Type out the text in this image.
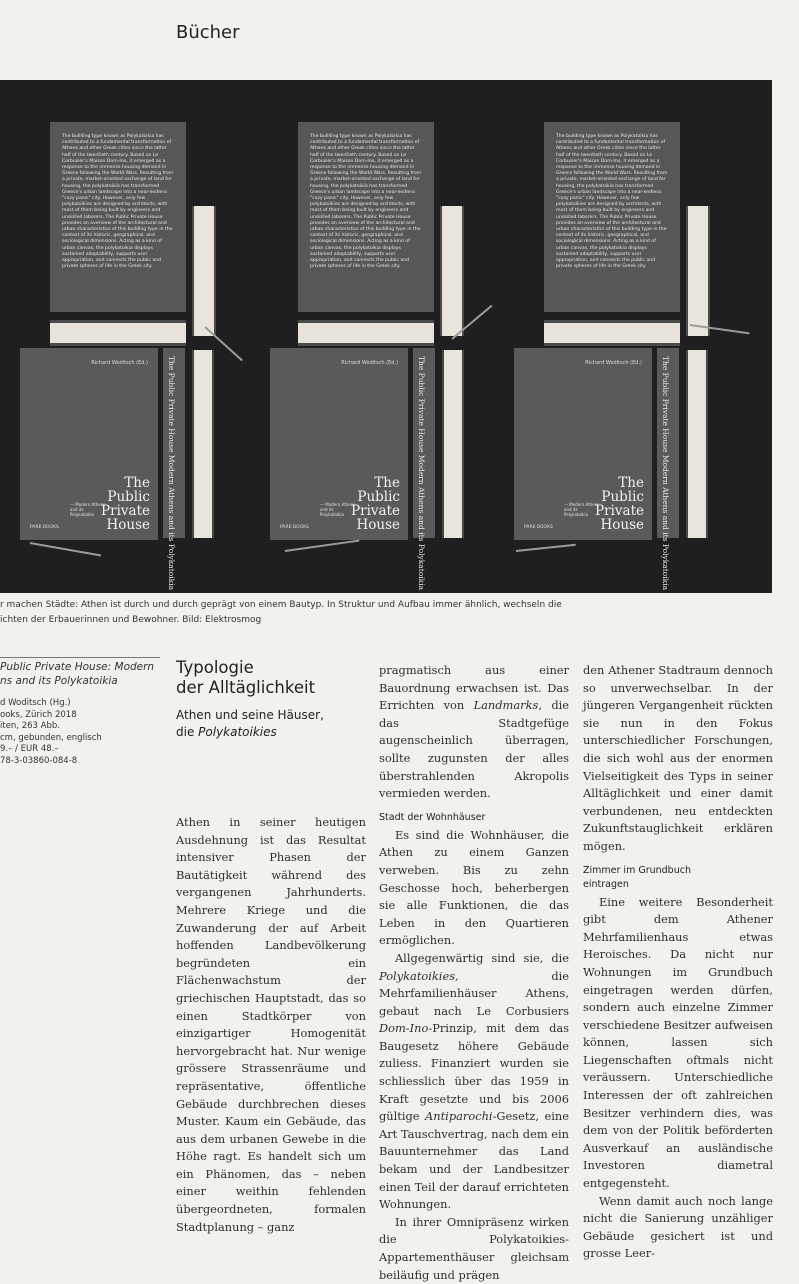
Bücher
The building type known as Polykatoikia has contributed to a fundamental transformation of Athens and other Greek cities since the latter half of the twentieth century. Based on Le Corbusier's Maison Dom-Ino, it emerged as a response to the immense housing demand in Greece following the World Wars. Resulting from a private, market-oriented exchange of land for housing, the polykatoikia has transformed Greece's urban landscape into a near-endless "cozy panic" city. However, only few polykatoikies are designed by architects, with most of them being built by engineers and unskilled laborers. The Public Private House provides an overview of the architectural and urban characteristics of this building type in the context of its historic, geographical, and sociological dimensions. Acting as a kind of urban canvas, the polykatoikia displays sustained adaptability, supports user appropriation, and connects the public and private spheres of life in the Greek city.
Richard Woditsch (Ed.)
— Modern Athens and its Polykatoikia
The
Public
Private
House
PARK BOOKS	The Public Private House Modern Athens and its Polykatoikia
The building type known as Polykatoikia has contributed to a fundamental transformation of Athens and other Greek cities since the latter half of the twentieth century. Based on Le Corbusier's Maison Dom-Ino, it emerged as a response to the immense housing demand in Greece following the World Wars. Resulting from a private, market-oriented exchange of land for housing, the polykatoikia has transformed Greece's urban landscape into a near-endless "cozy panic" city. However, only few polykatoikies are designed by architects, with most of them being built by engineers and unskilled laborers. The Public Private House provides an overview of the architectural and urban characteristics of this building type in the context of its historic, geographical, and sociological dimensions. Acting as a kind of urban canvas, the polykatoikia displays sustained adaptability, supports user appropriation, and connects the public and private spheres of life in the Greek city.
Richard Woditsch (Ed.)
— Modern Athens and its Polykatoikia
The
Public
Private
House
PARK BOOKS	The Public Private House Modern Athens and its Polykatoikia
The building type known as Polykatoikia has contributed to a fundamental transformation of Athens and other Greek cities since the latter half of the twentieth century. Based on Le Corbusier's Maison Dom-Ino, it emerged as a response to the immense housing demand in Greece following the World Wars. Resulting from a private, market-oriented exchange of land for housing, the polykatoikia has transformed Greece's urban landscape into a near-endless "cozy panic" city. However, only few polykatoikies are designed by architects, with most of them being built by engineers and unskilled laborers. The Public Private House provides an overview of the architectural and urban characteristics of this building type in the context of its historic, geographical, and sociological dimensions. Acting as a kind of urban canvas, the polykatoikia displays sustained adaptability, supports user appropriation, and connects the public and private spheres of life in the Greek city.
Richard Woditsch (Ed.)
— Modern Athens and its Polykatoikia
The
Public
Private
House
PARK BOOKS	The Public Private House Modern Athens and its Polykatoikia
r machen Städte: Athen ist durch und durch geprägt von einem Bautyp. In Struktur und Aufbau immer ähnlich, wechseln die
ichten der Erbauerinnen und Bewohner. Bild: Elektrosmog
Public Private House: Modern
ns and its Polykatoikia
d Woditsch (Hg.)
ooks, Zürich 2018
iten, 263 Abb.
cm, gebunden, englisch
9.– / EUR 48.–
78-3-03860-084-8
Typologie
der Alltäglichkeit
Athen und seine Häuser,
die Polykatoikies

Athen in seiner heutigen Ausdehnung ist das Resultat intensiver Phasen der Bautätigkeit während des vergangenen Jahrhunderts. Mehrere Kriege und die Zuwanderung der auf Arbeit hoffenden Landbevölkerung begründeten ein Flächenwachstum der griechischen Hauptstadt, das so einen Stadtkörper von einzigartiger Homogenität hervorgebracht hat. Nur wenige grössere Strassenräume und repräsentative, öffentliche Gebäude durchbrechen dieses Muster. Kaum ein Gebäude, das aus dem urbanen Gewebe in die Höhe ragt. Es handelt sich um ein Phänomen, das – neben einer weithin fehlenden übergeordneten, formalen Stadtplanung – ganz

pragmatisch aus einer Bauordnung erwachsen ist. Das Errichten von Landmarks, die das Stadtgefüge augenscheinlich überragen, sollte zugunsten der alles überstrahlenden Akropolis vermieden werden.

Stadt der Wohnhäuser

Es sind die Wohnhäuser, die Athen zu einem Ganzen verweben. Bis zu zehn Geschosse hoch, beherbergen sie alle Funktionen, die das Leben in den Quartieren ermöglichen.

Allgegenwärtig sind sie, die Polykatoikies, die Mehrfamilienhäuser Athens, gebaut nach Le Corbusiers Dom-Ino-Prinzip, mit dem das Baugesetz höhere Gebäude zuliess. Finanziert wurden sie schliesslich über das 1959 in Kraft gesetzte und bis 2006 gültige Antiparochi-Gesetz, eine Art Tauschvertrag, nach dem ein Bauunternehmer das Land bekam und der Landbesitzer einen Teil der darauf errichteten Wohnungen.

In ihrer Omnipräsenz wirken die Polykatoikies-Appartementhäuser gleichsam beiläufig und prägen

den Athener Stadtraum dennoch so unverwechselbar. In der jüngeren Vergangenheit rückten sie nun in den Fokus unterschiedlicher Forschungen, die sich wohl aus der enormen Vielseitigkeit des Typs in seiner Alltäglichkeit und einer damit verbundenen, neu entdeckten Zukunftstauglichkeit erklären mögen.

Zimmer im Grundbuch
eintragen

Eine weitere Besonderheit gibt dem Athener Mehrfamilienhaus etwas Heroisches. Da nicht nur Wohnungen im Grundbuch eingetragen werden dürfen, sondern auch einzelne Zimmer verschiedene Besitzer aufweisen können, lassen sich Liegenschaften oftmals nicht veräussern. Unterschiedliche Interessen der oft zahlreichen Besitzer verhindern dies, was dem von der Politik beförderten Ausverkauf an ausländische Investoren diametral entgegensteht.

Wenn damit auch noch lange nicht die Sanierung unzähliger Gebäude gesichert ist und grosse Leer-
